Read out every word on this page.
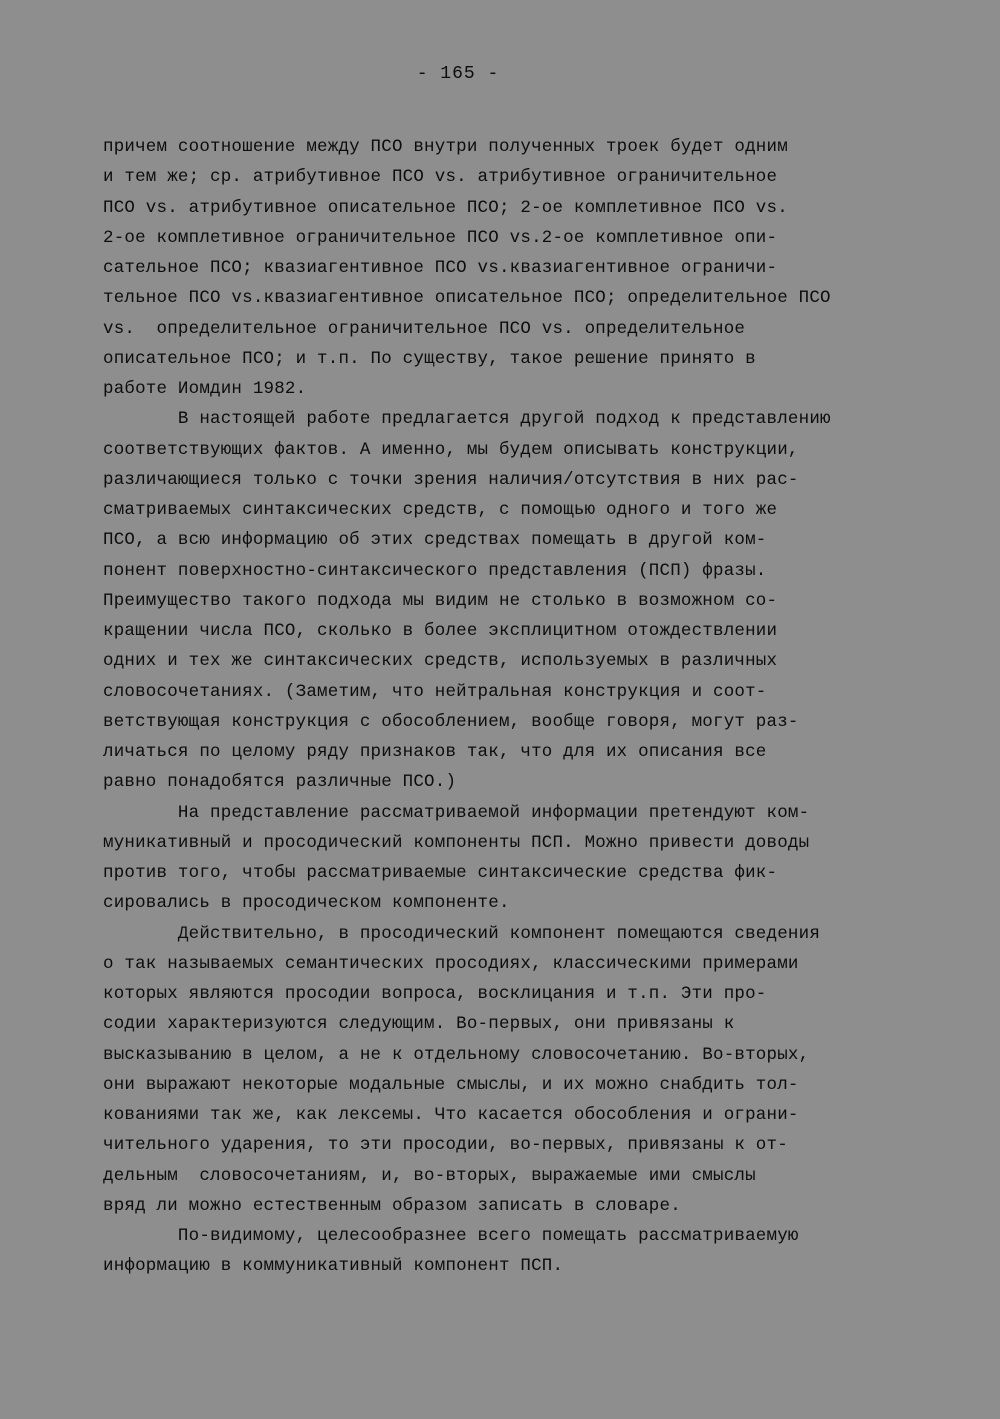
- 165 -
причем соотношение между ПСО внутри полученных троек будет одним
и тем же; ср. атрибутивное ПСО vs. атрибутивное ограничительное
ПСО vs. атрибутивное описательное ПСО; 2-ое комплетивное ПСО vs.
2-ое комплетивное ограничительное ПСО vs.2-ое комплетивное опи-
сательное ПСО; квазиагентивное ПСО vs.квазиагентивное ограничи-
тельное ПСО vs.квазиагентивное описательное ПСО; определительное ПСО
vs.  определительное ограничительное ПСО vs. определительное
описательное ПСО; и т.п. По существу, такое решение принято в
работе Иомдин 1982.
В настоящей работе предлагается другой подход к представлению
соответствующих фактов. А именно, мы будем описывать конструкции,
различающиеся только с точки зрения наличия/отсутствия в них рас-
сматриваемых синтаксических средств, с помощью одного и того же
ПСО, а всю информацию об этих средствах помещать в другой ком-
понент поверхностно-синтаксического представления (ПСП) фразы.
Преимущество такого подхода мы видим не столько в возможном со-
кращении числа ПСО, сколько в более эксплицитном отождествлении
одних и тех же синтаксических средств, используемых в различных
словосочетаниях. (Заметим, что нейтральная конструкция и соот-
ветствующая конструкция с обособлением, вообще говоря, могут раз-
личаться по целому ряду признаков так, что для их описания все
равно понадобятся различные ПСО.)
На представление рассматриваемой информации претендуют ком-
муникативный и просодический компоненты ПСП. Можно привести доводы
против того, чтобы рассматриваемые синтаксические средства фик-
сировались в просодическом компоненте.
Действительно, в просодический компонент помещаются сведения
о так называемых семантических просодиях, классическими примерами
которых являются просодии вопроса, восклицания и т.п. Эти про-
содии характеризуются следующим. Во-первых, они привязаны к
высказыванию в целом, а не к отдельному словосочетанию. Во-вторых,
они выражают некоторые модальные смыслы, и их можно снабдить тол-
кованиями так же, как лексемы. Что касается обособления и ограни-
чительного ударения, то эти просодии, во-первых, привязаны к от-
дельным  словосочетаниям, и, во-вторых, выражаемые ими смыслы
вряд ли можно естественным образом записать в словаре.
По-видимому, целесообразнее всего помещать рассматриваемую
информацию в коммуникативный компонент ПСП.
